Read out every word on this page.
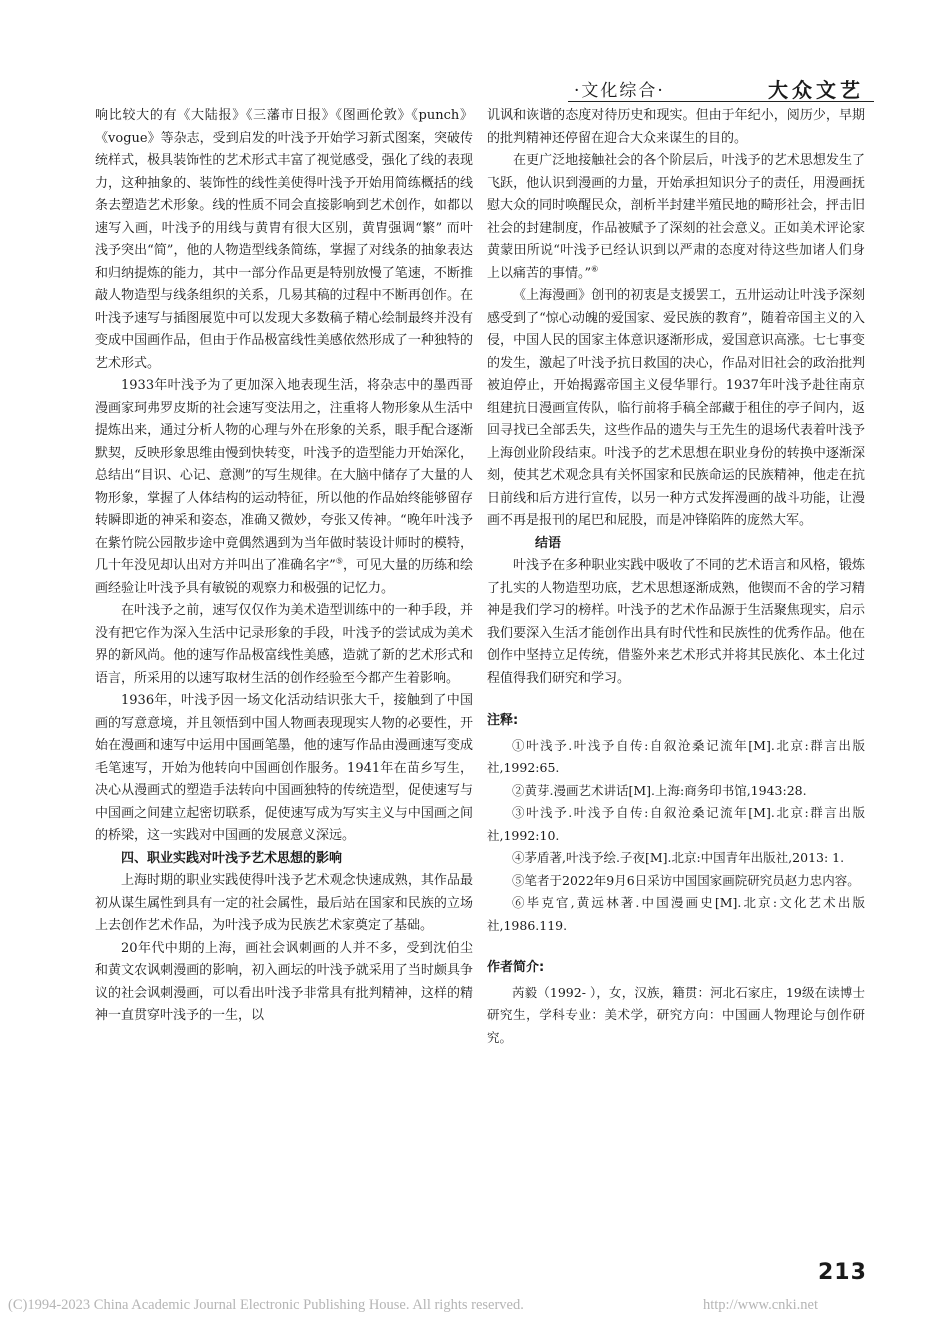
·文化综合·	大众文艺

响比较大的有《大陆报》《三藩市日报》《图画伦敦》《punch》《vogue》等杂志，受到启发的叶浅予开始学习新式图案，突破传统样式，极具装饰性的艺术形式丰富了视觉感受，强化了线的表现力，这种抽象的、装饰性的线性美使得叶浅予开始用简练概括的线条去塑造艺术形象。线的性质不同会直接影响到艺术创作，如都以速写入画，叶浅予的用线与黄胄有很大区别，黄胄强调“繁” 而叶浅予突出“简”，他的人物造型线条简练，掌握了对线条的抽象表达和归纳提炼的能力，其中一部分作品更是特别放慢了笔速，不断推敲人物造型与线条组织的关系，几易其稿的过程中不断再创作。在叶浅予速写与插图展览中可以发现大多数稿子精心绘制最终并没有变成中国画作品，但由于作品极富线性美感依然形成了一种独特的艺术形式。

1933年叶浅予为了更加深入地表现生活，将杂志中的墨西哥漫画家珂弗罗皮斯的社会速写变法用之，注重将人物形象从生活中提炼出来，通过分析人物的心理与外在形象的关系，眼手配合逐渐默契，反映形象思维由慢到快转变，叶浅予的造型能力开始深化，总结出“目识、心记、意测”的写生规律。在大脑中储存了大量的人物形象，掌握了人体结构的运动特征，所以他的作品始终能够留存转瞬即逝的神采和姿态，准确又微妙，夸张又传神。“晚年叶浅予在紫竹院公园散步途中竟偶然遇到为当年做时装设计师时的模特，几十年没见却认出对方并叫出了准确名字”⑤，可见大量的历练和绘画经验让叶浅予具有敏锐的观察力和极强的记忆力。

在叶浅予之前，速写仅仅作为美术造型训练中的一种手段，并没有把它作为深入生活中记录形象的手段，叶浅予的尝试成为美术界的新风尚。他的速写作品极富线性美感，造就了新的艺术形式和语言，所采用的以速写取材生活的创作经验至今都产生着影响。

1936年，叶浅予因一场文化活动结识张大千，接触到了中国画的写意意境，并且领悟到中国人物画表现现实人物的必要性，开始在漫画和速写中运用中国画笔墨，他的速写作品由漫画速写变成毛笔速写，开始为他转向中国画创作服务。1941年在苗乡写生，决心从漫画式的塑造手法转向中国画独特的传统造型，促使速写与中国画之间建立起密切联系，促使速写成为写实主义与中国画之间的桥梁，这一实践对中国画的发展意义深远。

四、职业实践对叶浅予艺术思想的影响

上海时期的职业实践使得叶浅予艺术观念快速成熟，其作品最初从谋生属性到具有一定的社会属性，最后站在国家和民族的立场上去创作艺术作品，为叶浅予成为民族艺术家奠定了基础。

20年代中期的上海，画社会讽刺画的人并不多，受到沈伯尘和黄文农讽刺漫画的影响，初入画坛的叶浅予就采用了当时颇具争议的社会讽刺漫画，可以看出叶浅予非常具有批判精神，这样的精神一直贯穿叶浅予的一生，以

讥讽和诙谐的态度对待历史和现实。但由于年纪小，阅历少，早期的批判精神还停留在迎合大众来谋生的目的。

在更广泛地接触社会的各个阶层后，叶浅予的艺术思想发生了飞跃，他认识到漫画的力量，开始承担知识分子的责任，用漫画抚慰大众的同时唤醒民众，剖析半封建半殖民地的畸形社会，抨击旧社会的封建制度，作品被赋予了深刻的社会意义。正如美术评论家黄蒙田所说“叶浅予已经认识到以严肃的态度对待这些加诸人们身上以痛苦的事情。”⑥

《上海漫画》创刊的初衷是支援罢工，五卅运动让叶浅予深刻感受到了“惊心动魄的爱国家、爱民族的教育”，随着帝国主义的入侵，中国人民的国家主体意识逐渐形成，爱国意识高涨。七七事变的发生，激起了叶浅予抗日救国的决心，作品对旧社会的政治批判被迫停止，开始揭露帝国主义侵华罪行。1937年叶浅予赴往南京组建抗日漫画宣传队，临行前将手稿全部藏于租住的亭子间内，返回寻找已全部丢失，这些作品的遗失与王先生的退场代表着叶浅予上海创业阶段结束。叶浅予的艺术思想在职业身份的转换中逐渐深刻，使其艺术观念具有关怀国家和民族命运的民族精神，他走在抗日前线和后方进行宣传，以另一种方式发挥漫画的战斗功能，让漫画不再是报刊的尾巴和屁股，而是冲锋陷阵的庞然大军。

结语

叶浅予在多种职业实践中吸收了不同的艺术语言和风格，锻炼了扎实的人物造型功底，艺术思想逐渐成熟，他锲而不舍的学习精神是我们学习的榜样。叶浅予的艺术作品源于生活聚焦现实，启示我们要深入生活才能创作出具有时代性和民族性的优秀作品。他在创作中坚持立足传统，借鉴外来艺术形式并将其民族化、本土化过程值得我们研究和学习。

注释:

①叶浅予.叶浅予自传:自叙沧桑记流年[M].北京:群言出版社,1992:65.

②黄芽.漫画艺术讲话[M].上海:商务印书馆,1943:28.

③叶浅予.叶浅予自传:自叙沧桑记流年[M].北京:群言出版社,1992:10.

④茅盾著,叶浅予绘.子夜[M].北京:中国青年出版社,2013: 1.

⑤笔者于2022年9月6日采访中国国家画院研究员赵力忠内容。

⑥毕克官,黄远林著.中国漫画史[M].北京:文化艺术出版社,1986.119.

作者简介:

芮毅（1992- ），女，汉族，籍贯：河北石家庄，19级在读博士研究生，学科专业：美术学，研究方向：中国画人物理论与创作研究。

213
(C)1994-2023 China Academic Journal Electronic Publishing House. All rights reserved.	http://www.cnki.net
